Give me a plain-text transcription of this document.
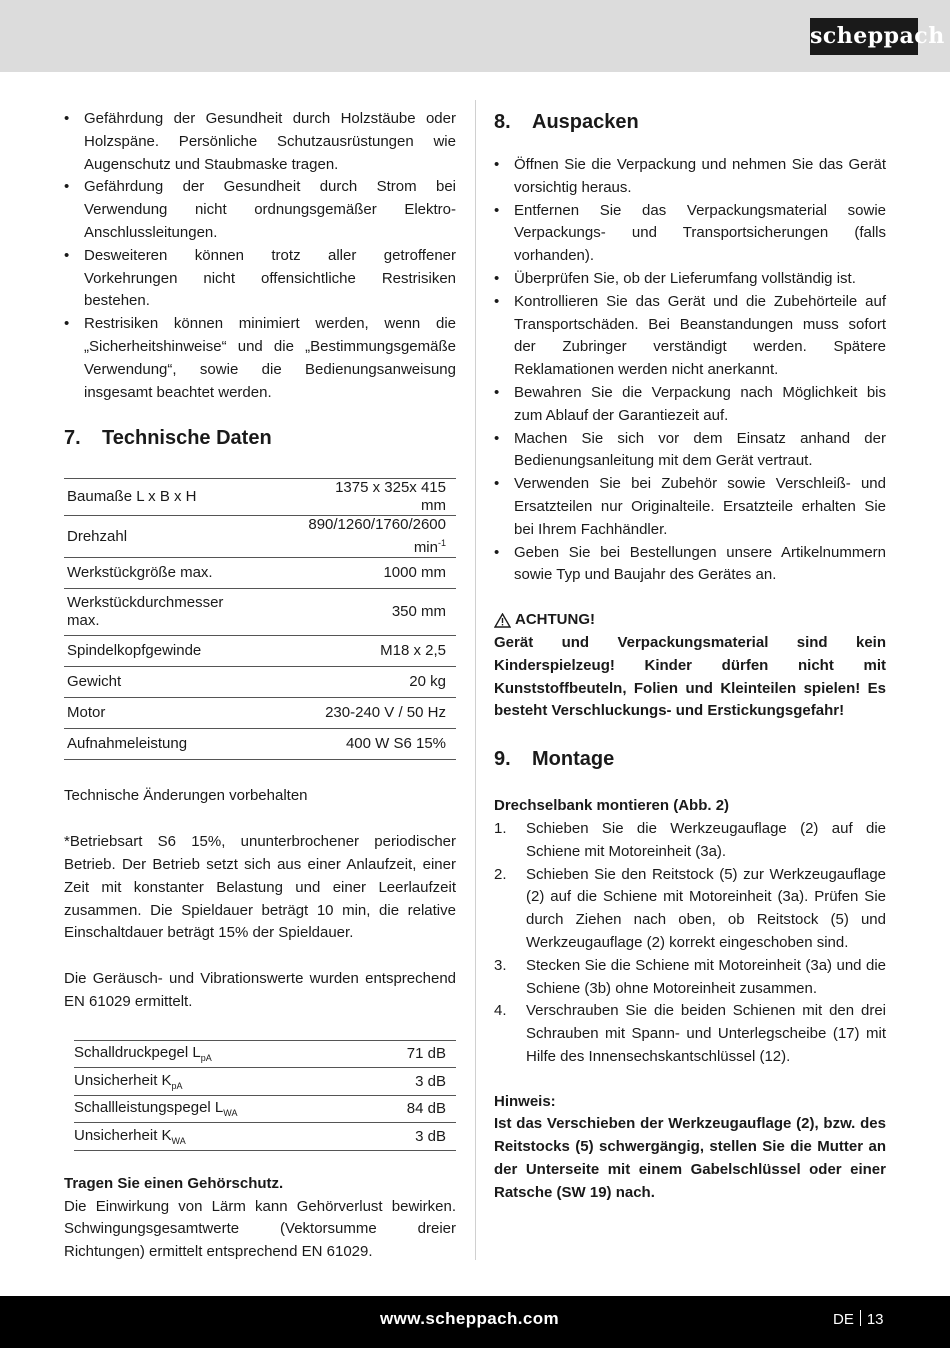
scheppach
• Gefährdung der Gesundheit durch Holzstäube oder Holzspäne. Persönliche Schutzausrüstungen wie Augenschutz und Staubmaske tragen.
• Gefährdung der Gesundheit durch Strom bei Verwendung nicht ordnungsgemäßer Elektro-Anschlussleitungen.
• Desweiteren können trotz aller getroffener Vorkehrungen nicht offensichtliche Restrisiken bestehen.
• Restrisiken können minimiert werden, wenn die „Sicherheitshinweise“ und die „Bestimmungsgemäße Verwendung“, sowie die Bedienungsanweisung insgesamt beachtet werden.
7.	Technische Daten
Baumaße L x B x H	1375 x 325x 415 mm
Drehzahl	890/1260/1760/2600 $\min^{-1}$
Werkstückgröße max.	1000 mm
Werkstückdurchmesser max.	350 mm
Spindelkopfgewinde	M18 x 2,5
Gewicht	20 kg
Motor	230-240 V / 50 Hz
Aufnahmeleistung	400 W S6 15%

Technische Änderungen vorbehalten

*Betriebsart S6 15%, ununterbrochener periodischer Betrieb. Der Betrieb setzt sich aus einer Anlaufzeit, einer Zeit mit konstanter Belastung und einer Leerlaufzeit zusammen. Die Spieldauer beträgt 10 min, die relative Einschaltdauer beträgt 15% der Spieldauer.

Die Geräusch- und Vibrationswerte wurden entsprechend EN 61029 ermittelt.

Schalldruckpegel $L_{pA}$	71 dB
Unsicherheit $K_{pA}$	3 dB
Schallleistungspegel $L_{WA}$	84 dB
Unsicherheit $K_{WA}$	3 dB

Tragen Sie einen Gehörschutz.

Die Einwirkung von Lärm kann Gehörverlust bewirken. Schwingungsgesamtwerte (Vektorsumme dreier Richtungen) ermittelt entsprechend EN 61029.

8.	Auspacken
• Öffnen Sie die Verpackung und nehmen Sie das Gerät vorsichtig heraus.
• Entfernen Sie das Verpackungsmaterial sowie Verpackungs- und Transportsicherungen (falls vorhanden).
• Überprüfen Sie, ob der Lieferumfang vollständig ist.
• Kontrollieren Sie das Gerät und die Zubehörteile auf Transportschäden. Bei Beanstandungen muss sofort der Zubringer verständigt werden. Spätere Reklamationen werden nicht anerkannt.
• Bewahren Sie die Verpackung nach Möglichkeit bis zum Ablauf der Garantiezeit auf.
• Machen Sie sich vor dem Einsatz anhand der Bedienungsanleitung mit dem Gerät vertraut.
• Verwenden Sie bei Zubehör sowie Verschleiß- und Ersatzteilen nur Originalteile. Ersatzteile erhalten Sie bei Ihrem Fachhändler.
• Geben Sie bei Bestellungen unsere Artikelnummern sowie Typ und Baujahr des Gerätes an.
ACHTUNG!

Gerät und Verpackungsmaterial sind kein Kinderspielzeug! Kinder dürfen nicht mit Kunststoffbeuteln, Folien und Kleinteilen spielen! Es besteht Verschluckungs- und Erstickungsgefahr!

9.	Montage

Drechselbank montieren (Abb. 2)

1. Schieben Sie die Werkzeugauflage (2) auf die Schiene mit Motoreinheit (3a).
2. Schieben Sie den Reitstock (5) zur Werkzeugauflage (2) auf die Schiene mit Motoreinheit (3a). Prüfen Sie durch Ziehen nach oben, ob Reitstock (5) und Werkzeugauflage (2) korrekt eingeschoben sind.
3. Stecken Sie die Schiene mit Motoreinheit (3a) und die Schiene (3b) ohne Motoreinheit zusammen.
4. Verschrauben Sie die beiden Schienen mit den drei Schrauben mit Spann- und Unterlegscheibe (17) mit Hilfe des Innensechskantschlüssel (12).

Hinweis:

Ist das Verschieben der Werkzeugauflage (2), bzw. des Reitstocks (5) schwergängig, stellen Sie die Mutter an der Unterseite mit einem Gabelschlüssel oder einer Ratsche (SW 19) nach.

www.scheppach.com	DE 13
